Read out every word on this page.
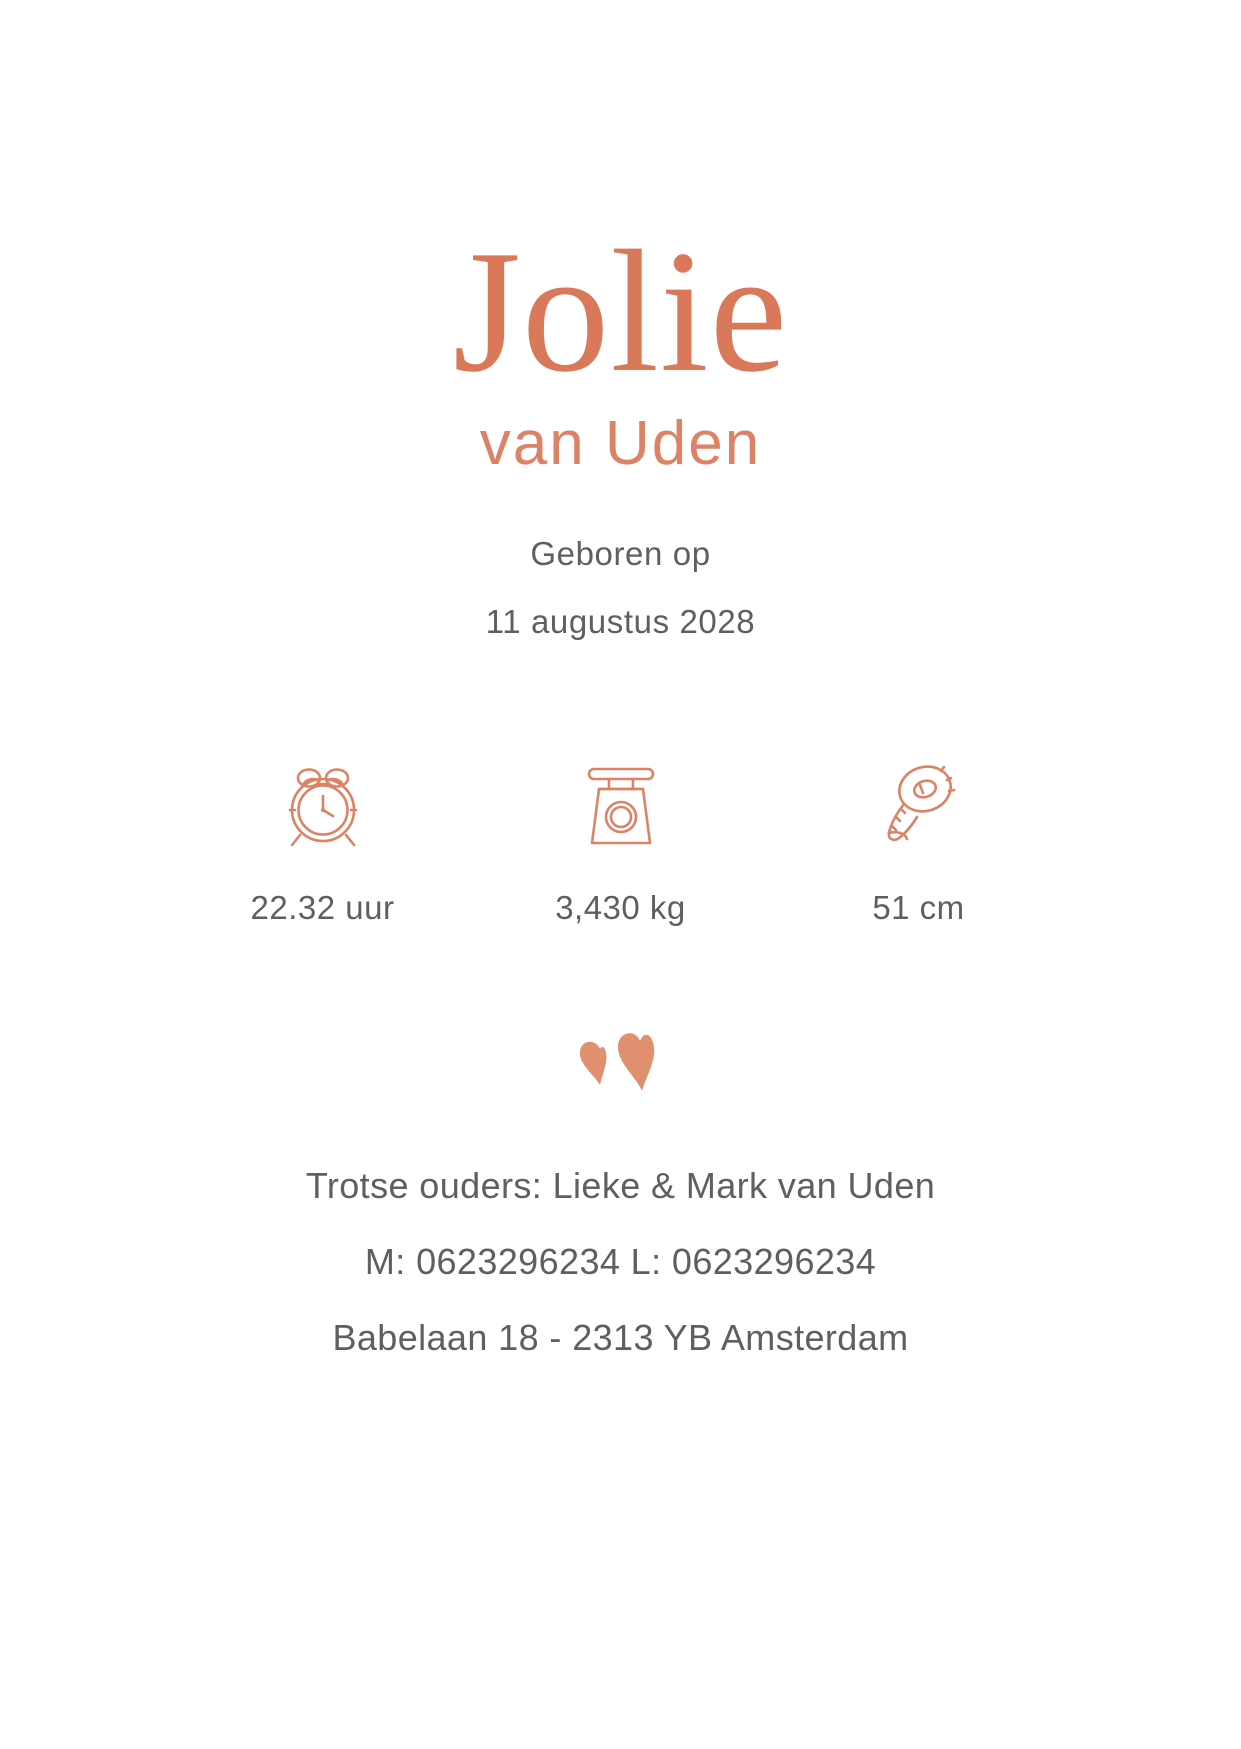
Jolie
van Uden
Geboren op
11 augustus 2028
22.32 uur	3,430 kg	51 cm
Trotse ouders: Lieke & Mark van Uden
M: 0623296234 L: 0623296234
Babelaan 18 - 2313 YB Amsterdam
